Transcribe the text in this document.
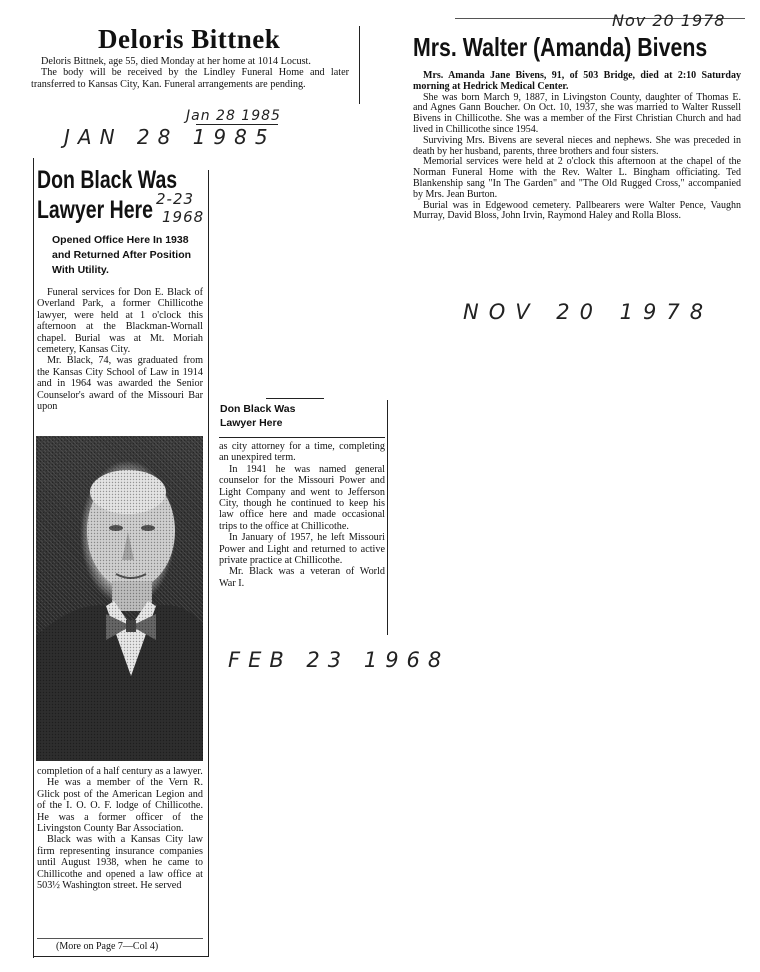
Deloris Bittnek

Deloris Bittnek, age 55, died Monday at her home at 1014 Locust.

The body will be received by the Lindley Funeral Home and later transferred to Kansas City, Kan. Funeral arrangements are pending.

Jan 28 1985
JAN 28 1985
Nov 20 1978
Mrs. Walter (Amanda) Bivens

Mrs. Amanda Jane Bivens, 91, of 503 Bridge, died at 2:10 Saturday morning at Hedrick Medical Center.

She was born March 9, 1887, in Livingston County, daughter of Thomas E. and Agnes Gann Boucher. On Oct. 10, 1937, she was married to Walter Russell Bivens in Chillicothe. She was a member of the First Christian Church and had lived in Chillicothe since 1954.

Surviving Mrs. Bivens are several nieces and nephews. She was preceded in death by her husband, parents, three brothers and four sisters.

Memorial services were held at 2 o'clock this afternoon at the chapel of the Norman Funeral Home with the Rev. Walter L. Bingham officiating. Ted Blankenship sang "In The Garden" and "The Old Rugged Cross," accompanied by Mrs. Jean Burton.

Burial was in Edgewood cemetery. Pallbearers were Walter Pence, Vaughn Murray, David Bloss, John Irvin, Raymond Haley and Rolla Bloss.

NOV 20 1978
Don Black Was
Lawyer Here 2-23
1968
Opened Office Here In 1938 and Returned After Position With Utility.

Funeral services for Don E. Black of Overland Park, a former Chillicothe lawyer, were held at 1 o'clock this afternoon at the Blackman-Wornall chapel. Burial was at Mt. Moriah cemetery, Kansas City.

Mr. Black, 74, was graduated from the Kansas City School of Law in 1914 and in 1964 was awarded the Senior Counselor's award of the Missouri Bar upon

completion of a half century as a lawyer.

He was a member of the Vern R. Glick post of the American Legion and of the I. O. O. F. lodge of Chillicothe. He was a former officer of the Livingston County Bar Association.

Black was with a Kansas City law firm representing insurance companies until August 1938, when he came to Chillicothe and opened a law office at 503½ Washington street. He served

(More on Page 7—Col 4)
Don Black Was Lawyer Here

as city attorney for a time, completing an unexpired term.

In 1941 he was named general counselor for the Missouri Power and Light Company and went to Jefferson City, though he continued to keep his law office here and made occasional trips to the office at Chillicothe.

In January of 1957, he left Missouri Power and Light and returned to active private practice at Chillicothe.

Mr. Black was a veteran of World War I.

FEB 23 1968
